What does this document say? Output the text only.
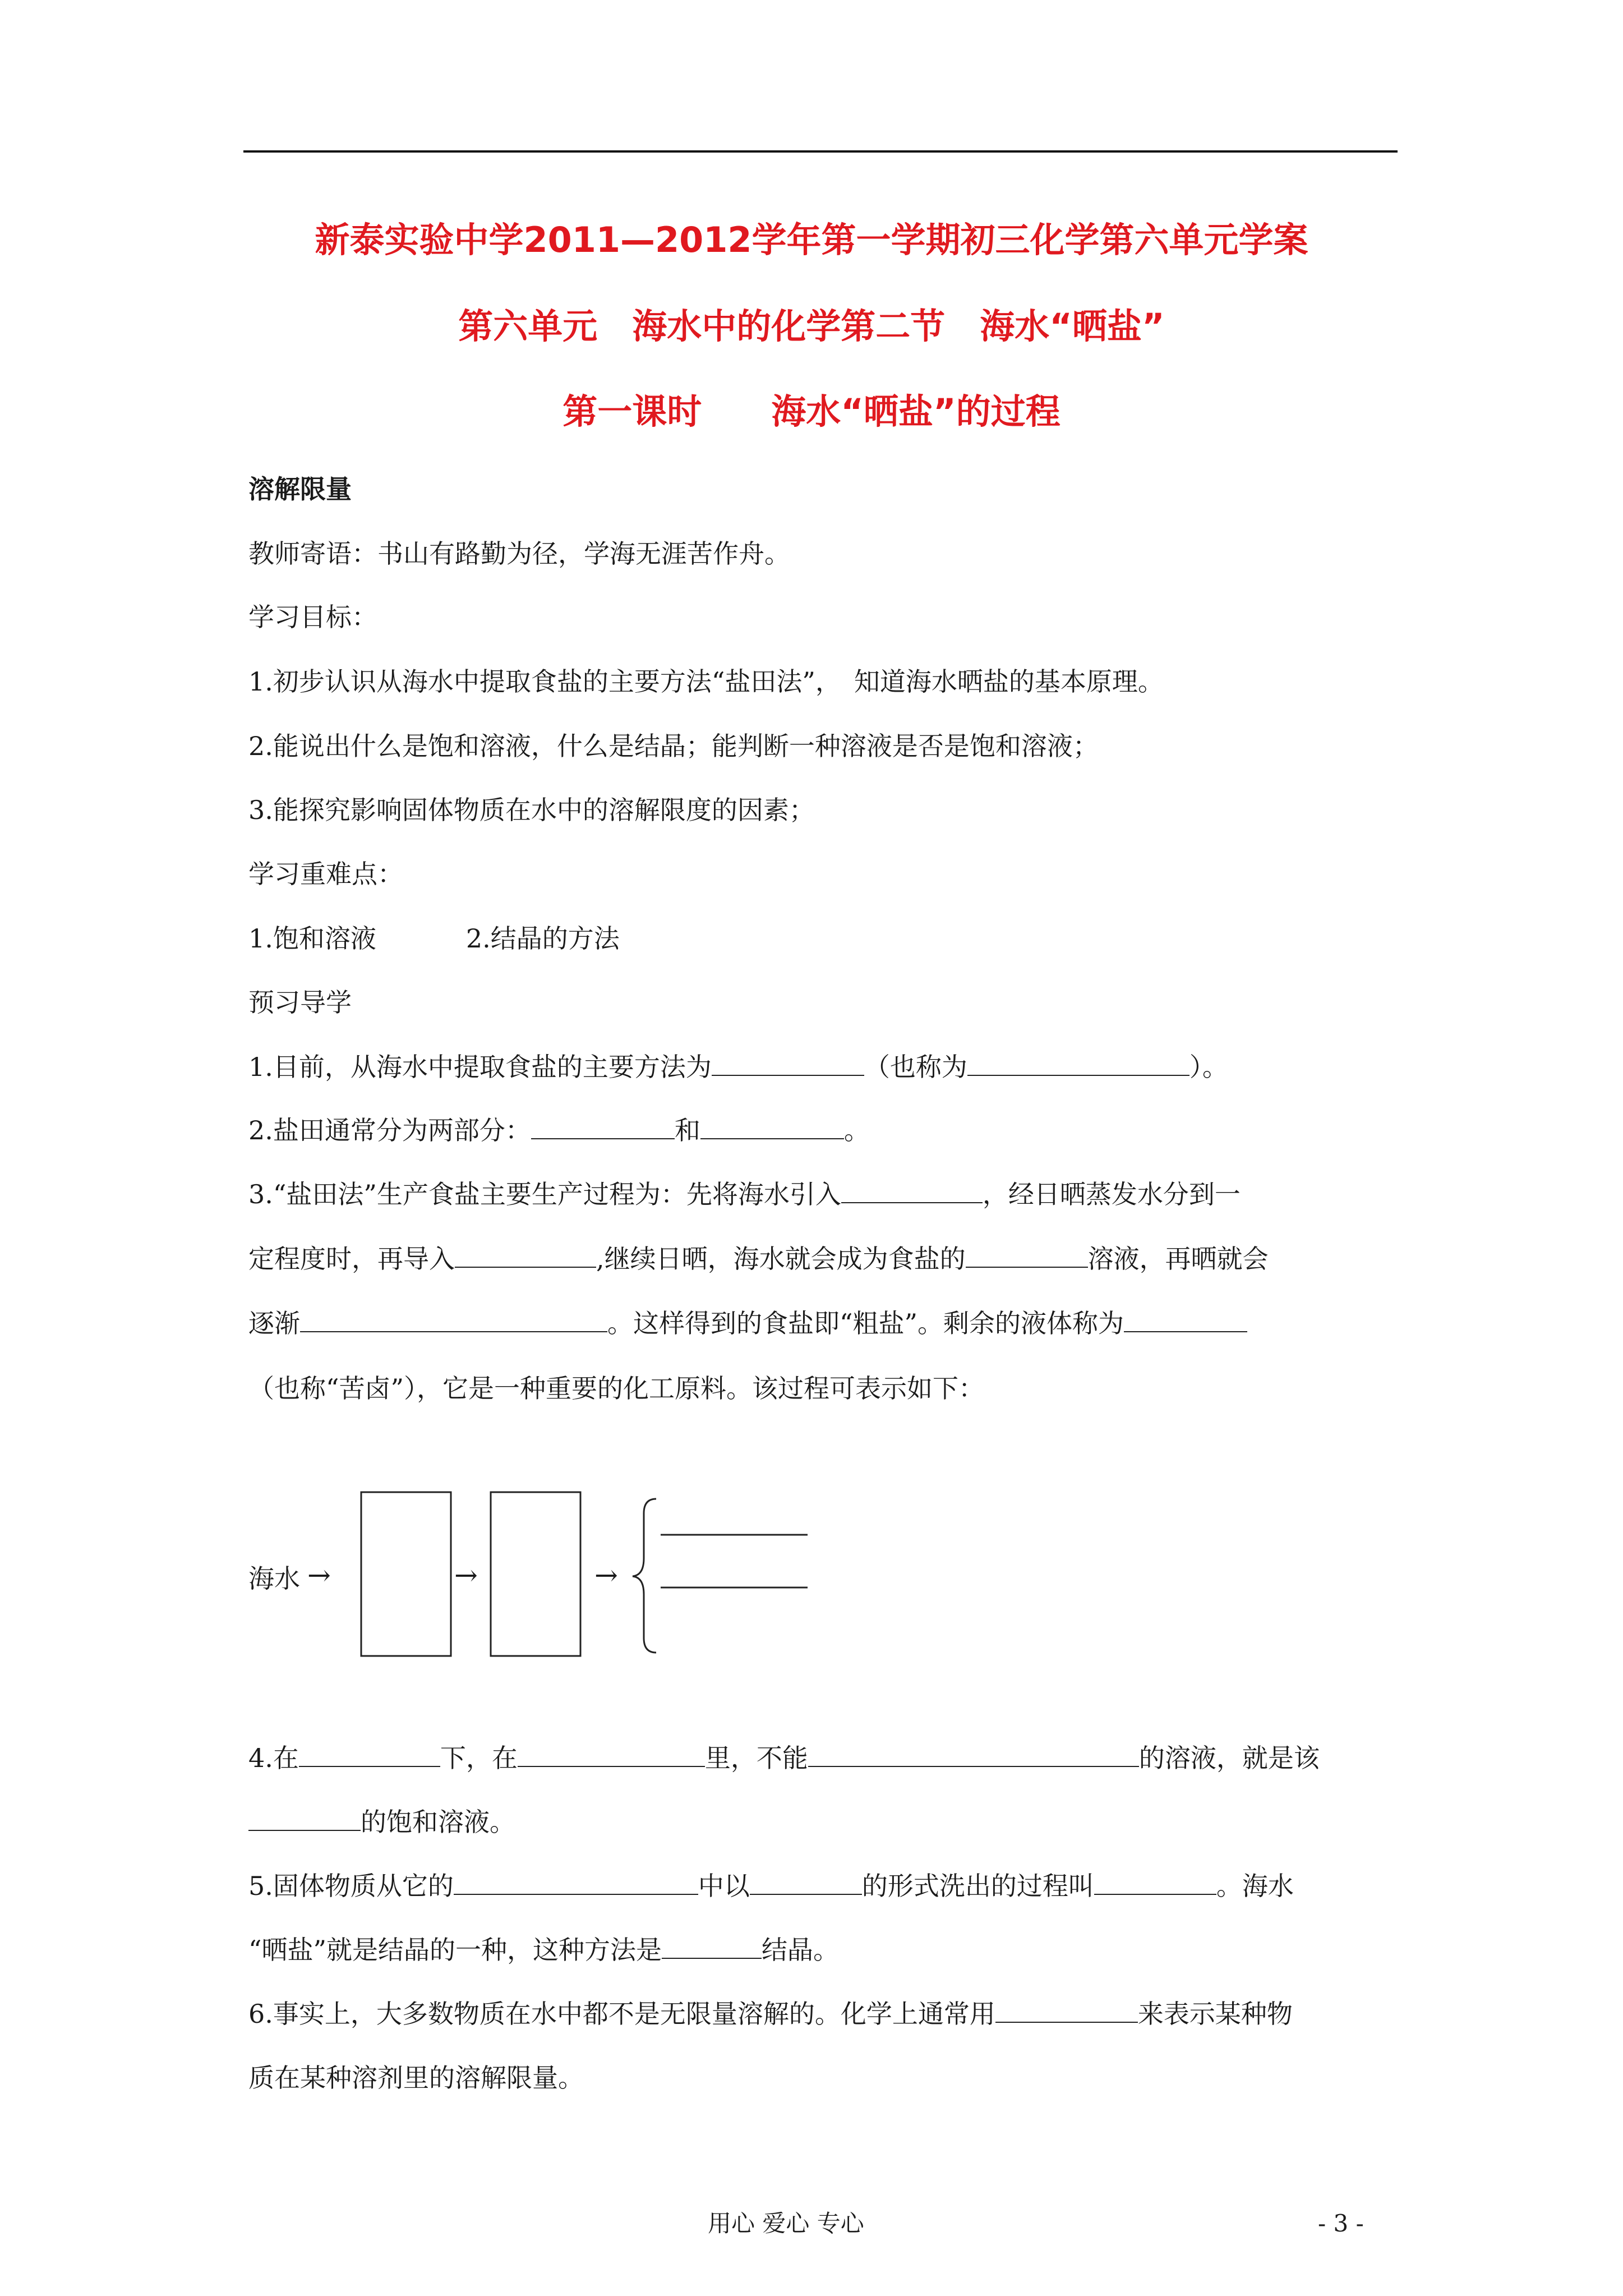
新泰实验中学2011—2012学年第一学期初三化学第六单元学案
第六单元　海水中的化学第二节　海水“晒盐”
第一课时　　海水“晒盐”的过程
溶解限量
教师寄语：书山有路勤为径，学海无涯苦作舟。
学习目标：
1.初步认识从海水中提取食盐的主要方法“盐田法”，　知道海水晒盐的基本原理。
2.能说出什么是饱和溶液，什么是结晶；能判断一种溶液是否是饱和溶液；
3.能探究影响固体物质在水中的溶解限度的因素；
学习重难点：
1.饱和溶液	2.结晶的方法
预习导学
1.目前，从海水中提取食盐的主要方法为	（也称为	）。
2.盐田通常分为两部分：	和	。
3.“盐田法”生产食盐主要生产过程为：先将海水引入	，经日晒蒸发水分到一
定程度时，再导入	,继续日晒，海水就会成为食盐的	溶液，再晒就会
逐渐	。这样得到的食盐即“粗盐”。剩余的液体称为
（也称“苦卤”），它是一种重要的化工原料。该过程可表示如下：
海水 →	→	→
4.在	下，在	里，不能	的溶液，就是该
的饱和溶液。
5.固体物质从它的	中以	的形式洗出的过程叫	。海水
“晒盐”就是结晶的一种，这种方法是	结晶。
6.事实上，大多数物质在水中都不是无限量溶解的。化学上通常用	来表示某种物
质在某种溶剂里的溶解限量。
用心 爱心 专心	- 3 -
